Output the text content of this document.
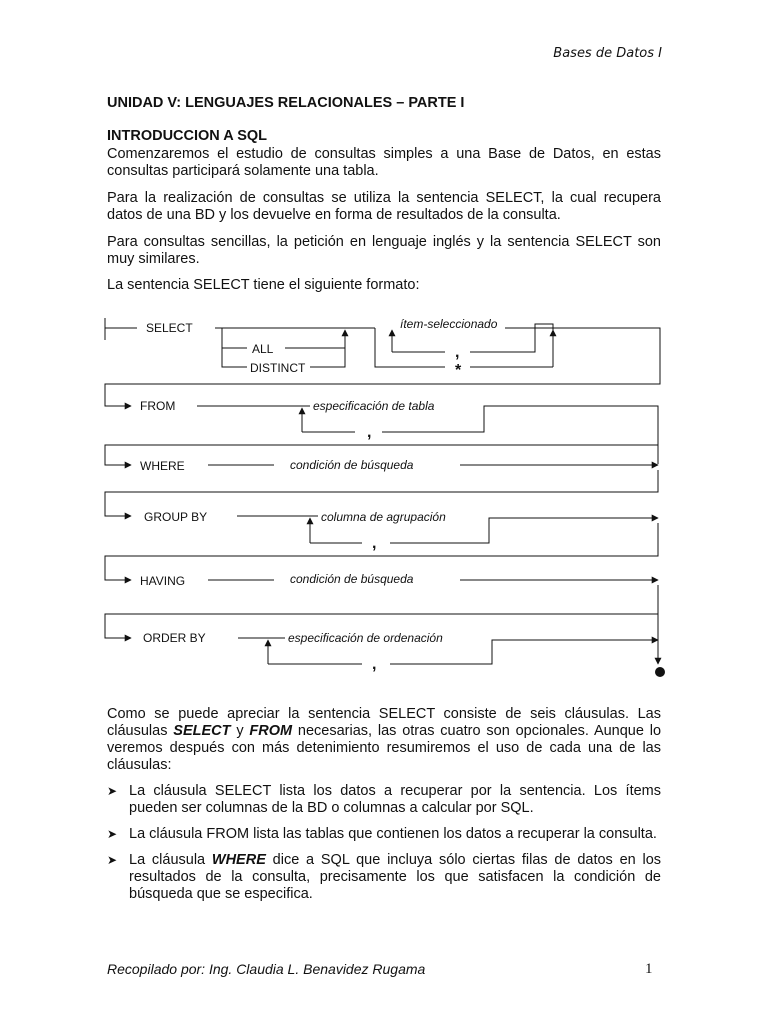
Bases de Datos I
UNIDAD V: LENGUAJES RELACIONALES – PARTE I
INTRODUCCION A SQL

Comenzaremos el estudio de consultas simples a una Base de Datos, en estas consultas participará solamente una tabla.

Para la realización de consultas se utiliza la sentencia SELECT, la cual recupera datos de una BD y los devuelve en forma de resultados de la consulta.

Para consultas sencillas, la petición en lenguaje inglés y la sentencia SELECT son muy similares.

La sentencia SELECT tiene el siguiente formato:

SELECT
ALL
DISTINCT
ítem-seleccionado
,
*
FROM	especificación de tabla
,
WHERE	condición de búsqueda
GROUP BY	columna de agrupación
,
HAVING	condición de búsqueda
ORDER BY	especificación de ordenación
,

Como se puede apreciar la sentencia SELECT consiste de seis cláusulas. Las cláusulas SELECT y FROM necesarias, las otras cuatro son opcionales. Aunque lo veremos después con más detenimiento resumiremos el uso de cada una de las cláusulas:

➤ La cláusula SELECT lista los datos a recuperar por la sentencia. Los ítems pueden ser columnas de la BD o columnas a calcular por SQL.
➤ La cláusula FROM lista las tablas que contienen los datos a recuperar la consulta.
➤ La cláusula WHERE dice a SQL que incluya sólo ciertas filas de datos en los resultados de la consulta, precisamente los que satisfacen la condición de búsqueda que se especifica.
Recopilado por: Ing. Claudia L. Benavidez Rugama	1
